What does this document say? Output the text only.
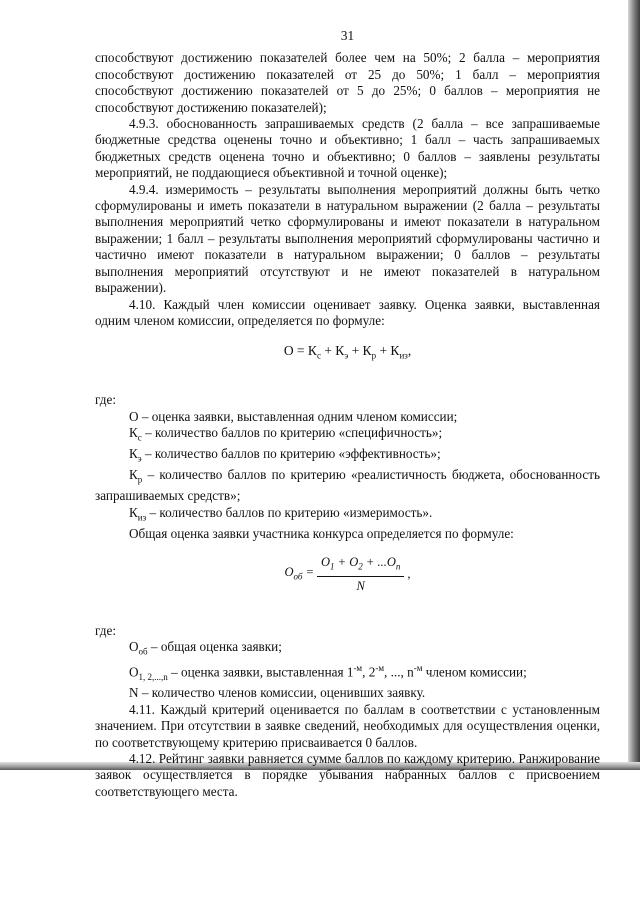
31

способствуют достижению показателей более чем на 50%; 2 балла – мероприятия способствуют достижению показателей от 25 до 50%; 1 балл – мероприятия способствуют достижению показателей от 5 до 25%; 0 баллов – мероприятия не способствуют достижению показателей);

4.9.3. обоснованность запрашиваемых средств (2 балла – все запрашиваемые бюджетные средства оценены точно и объективно; 1 балл – часть запрашиваемых бюджетных средств оценена точно и объективно; 0 баллов – заявлены результаты мероприятий, не поддающиеся объективной и точной оценке);

4.9.4. измеримость – результаты выполнения мероприятий должны быть четко сформулированы и иметь показатели в натуральном выражении (2 балла – результаты выполнения мероприятий четко сформулированы и имеют показатели в натуральном выражении; 1 балл – результаты выполнения мероприятий сформулированы частично и частично имеют показатели в натуральном выражении; 0 баллов – результаты выполнения мероприятий отсутствуют и не имеют показателей в натуральном выражении).

4.10. Каждый член комиссии оценивает заявку. Оценка заявки, выставленная одним членом комиссии, определяется по формуле:

$О = К_с + К_э + К_р + К_{из}$,

где:

О – оценка заявки, выставленная одним членом комиссии;

$К_с$ – количество баллов по критерию «специфичность»;

$К_э$ – количество баллов по критерию «эффективность»;

$К_р$ – количество баллов по критерию «реалистичность бюджета, обоснованность запрашиваемых средств»;

$К_{из}$ – количество баллов по критерию «измеримость».

Общая оценка заявки участника конкурса определяется по формуле:

$O_{об} = \frac{O_1 + O_2 + ...O_n}{N}$ ,

где:

$О_{об}$ – общая оценка заявки;

$О_{1, 2,...,n}$ – оценка заявки, выставленная $1^{-м}$, $2^{-м}$, ..., $n^{-м}$ членом комиссии;

N – количество членов комиссии, оценивших заявку.

4.11. Каждый критерий оценивается по баллам в соответствии с установленным значением. При отсутствии в заявке сведений, необходимых для осуществления оценки, по соответствующему критерию присваивается 0 баллов.

4.12. Рейтинг заявки равняется сумме баллов по каждому критерию. Ранжирование заявок осуществляется в порядке убывания набранных баллов с присвоением соответствующего места.
